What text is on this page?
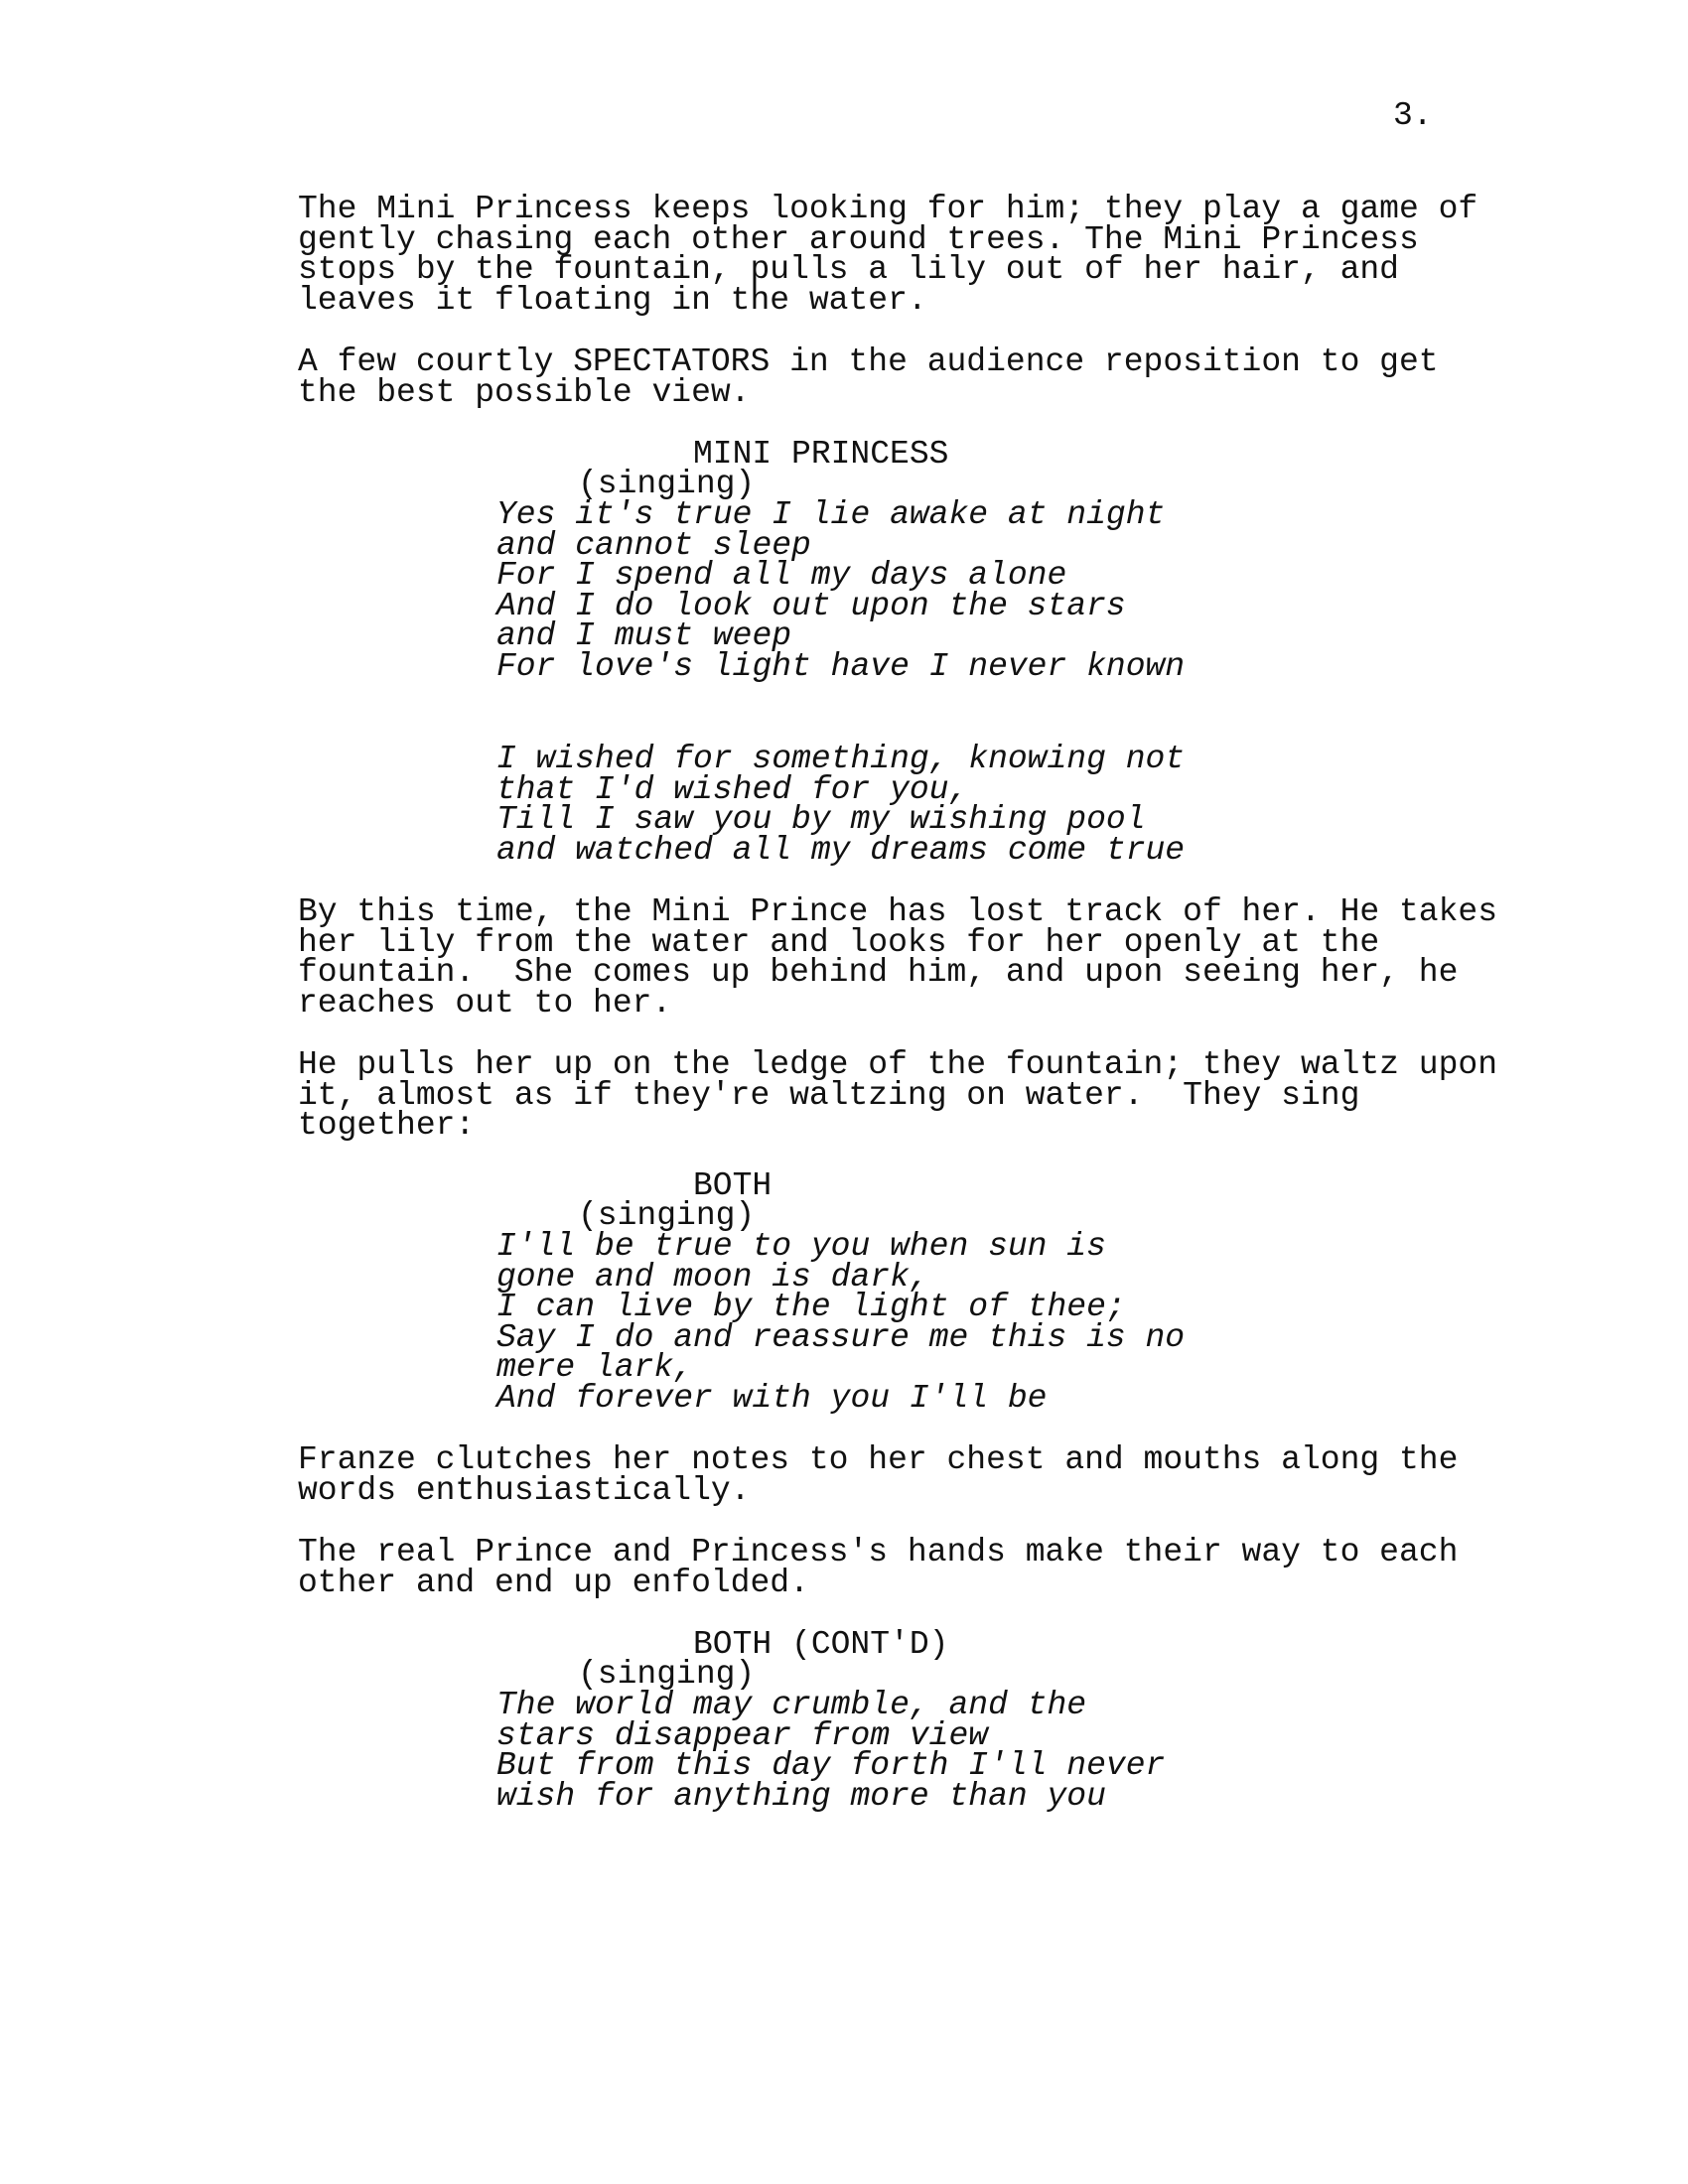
3.
The Mini Princess keeps looking for him; they play a game of
gently chasing each other around trees. The Mini Princess
stops by the fountain, pulls a lily out of her hair, and
leaves it floating in the water.
A few courtly SPECTATORS in the audience reposition to get
the best possible view.
MINI PRINCESS
(singing)
Yes it's true I lie awake at night
and cannot sleep
For I spend all my days alone
And I do look out upon the stars
and I must weep
For love's light have I never known
I wished for something, knowing not
that I'd wished for you,
Till I saw you by my wishing pool
and watched all my dreams come true
By this time, the Mini Prince has lost track of her. He takes
her lily from the water and looks for her openly at the
fountain.  She comes up behind him, and upon seeing her, he
reaches out to her.
He pulls her up on the ledge of the fountain; they waltz upon
it, almost as if they're waltzing on water.  They sing
together:
BOTH
(singing)
I'll be true to you when sun is
gone and moon is dark,
I can live by the light of thee;
Say I do and reassure me this is no
mere lark,
And forever with you I'll be
Franze clutches her notes to her chest and mouths along the
words enthusiastically.
The real Prince and Princess's hands make their way to each
other and end up enfolded.
BOTH (CONT'D)
(singing)
The world may crumble, and the
stars disappear from view
But from this day forth I'll never
wish for anything more than you
